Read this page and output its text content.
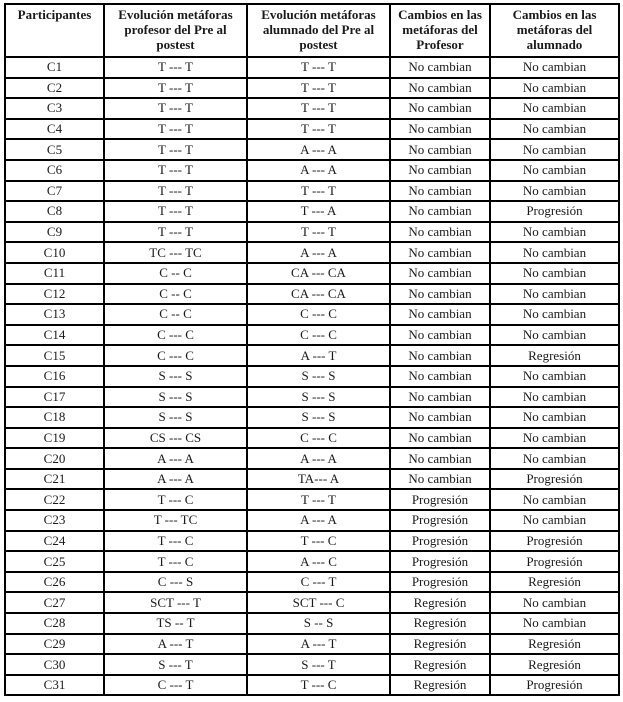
Participantes	Evolución metáforas profesor del Pre al postest	Evolución metáforas alumnado del Pre al postest	Cambios en las metáforas del Profesor	Cambios en las metáforas del alumnado
C1	T --- T	T --- T	No cambian	No cambian
C2	T --- T	T --- T	No cambian	No cambian
C3	T --- T	T --- T	No cambian	No cambian
C4	T --- T	T --- T	No cambian	No cambian
C5	T --- T	A --- A	No cambian	No cambian
C6	T --- T	A --- A	No cambian	No cambian
C7	T --- T	T --- T	No cambian	No cambian
C8	T --- T	T --- A	No cambian	Progresión
C9	T --- T	T --- T	No cambian	No cambian
C10	TC --- TC	A --- A	No cambian	No cambian
C11	C -- C	CA --- CA	No cambian	No cambian
C12	C -- C	CA --- CA	No cambian	No cambian
C13	C -- C	C --- C	No cambian	No cambian
C14	C --- C	C --- C	No cambian	No cambian
C15	C --- C	A --- T	No cambian	Regresión
C16	S --- S	S --- S	No cambian	No cambian
C17	S --- S	S --- S	No cambian	No cambian
C18	S --- S	S --- S	No cambian	No cambian
C19	CS --- CS	C --- C	No cambian	No cambian
C20	A --- A	A --- A	No cambian	No cambian
C21	A --- A	TA--- A	No cambian	Progresión
C22	T --- C	T --- T	Progresión	No cambian
C23	T --- TC	A --- A	Progresión	No cambian
C24	T --- C	T --- C	Progresión	Progresión
C25	T --- C	A --- C	Progresión	Progresión
C26	C --- S	C --- T	Progresión	Regresión
C27	SCT --- T	SCT --- C	Regresión	No cambian
C28	TS -- T	S -- S	Regresión	No cambian
C29	A --- T	A --- T	Regresión	Regresión
C30	S --- T	S --- T	Regresión	Regresión
C31	C --- T	T --- C	Regresión	Progresión
